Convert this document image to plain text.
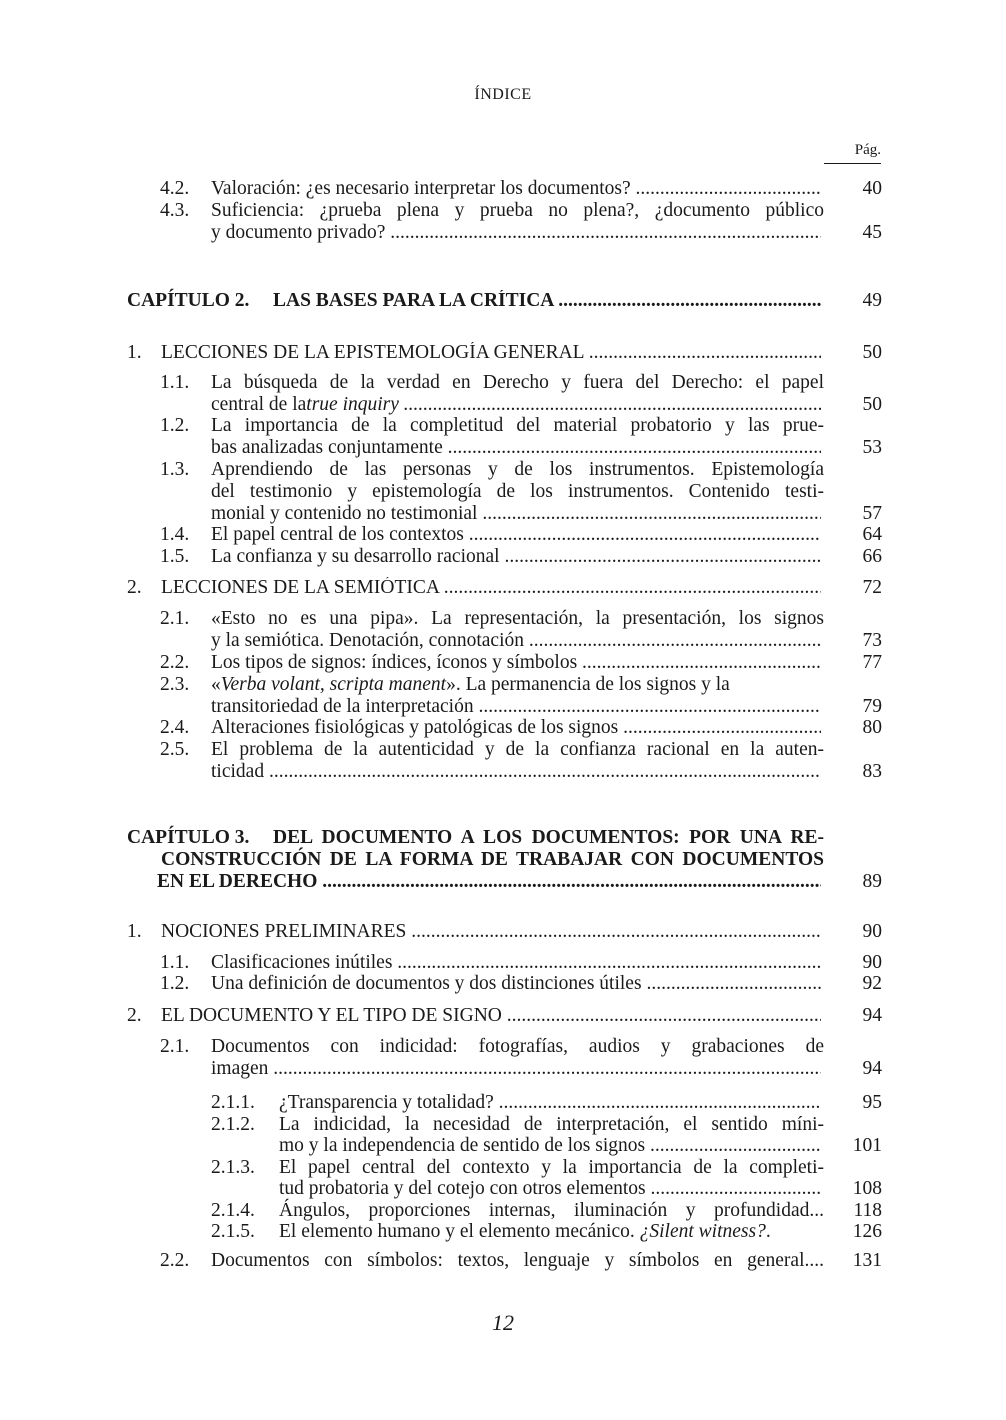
ÍNDICE
Pág.
4.2. Valoración: ¿es necesario interpretar los documentos? .....	40
4.3. Suficiencia: ¿prueba plena y prueba no plena?, ¿documento público
y documento privado? .....	45
CAPÍTULO 2. LAS BASES PARA LA CRÍTICA .....	49
1. LECCIONES DE LA EPISTEMOLOGÍA GENERAL .....	50
1.1. La búsqueda de la verdad en Derecho y fuera del Derecho: el papel
central de la true inquiry .....	50
1.2. La importancia de la completitud del material probatorio y las prue-
bas analizadas conjuntamente .....	53
1.3. Aprendiendo de las personas y de los instrumentos. Epistemología
del testimonio y epistemología de los instrumentos. Contenido testi-
monial y contenido no testimonial .....	57
1.4. El papel central de los contextos .....	64
1.5. La confianza y su desarrollo racional .....	66
2. LECCIONES DE LA SEMIÓTICA .....	72
2.1. «Esto no es una pipa». La representación, la presentación, los signos
y la semiótica. Denotación, connotación .....	73
2.2. Los tipos de signos: índices, íconos y símbolos .....	77
2.3. «Verba volant, scripta manent». La permanencia de los signos y la
transitoriedad de la interpretación .....	79
2.4. Alteraciones fisiológicas y patológicas de los signos .....	80
2.5. El problema de la autenticidad y de la confianza racional en la auten-
ticidad .....	83
CAPÍTULO 3. DEL DOCUMENTO A LOS DOCUMENTOS: POR UNA RE-
CONSTRUCCIÓN DE LA FORMA DE TRABAJAR CON DOCUMENTOS
EN EL DERECHO .....	89
1. NOCIONES PRELIMINARES .....	90
1.1. Clasificaciones inútiles .....	90
1.2. Una definición de documentos y dos distinciones útiles .....	92
2. EL DOCUMENTO Y EL TIPO DE SIGNO .....	94
2.1. Documentos con indicidad: fotografías, audios y grabaciones de
imagen .....	94
2.1.1. ¿Transparencia y totalidad? .....	95
2.1.2. La indicidad, la necesidad de interpretación, el sentido míni-
mo y la independencia de sentido de los signos .....	101
2.1.3. El papel central del contexto y la importancia de la completi-
tud probatoria y del cotejo con otros elementos .....	108
2.1.4. Ángulos, proporciones internas, iluminación y profundidad...	118
2.1.5. El elemento humano y el elemento mecánico. ¿Silent witness?.	126
2.2. Documentos con símbolos: textos, lenguaje y símbolos en general....	131
12
